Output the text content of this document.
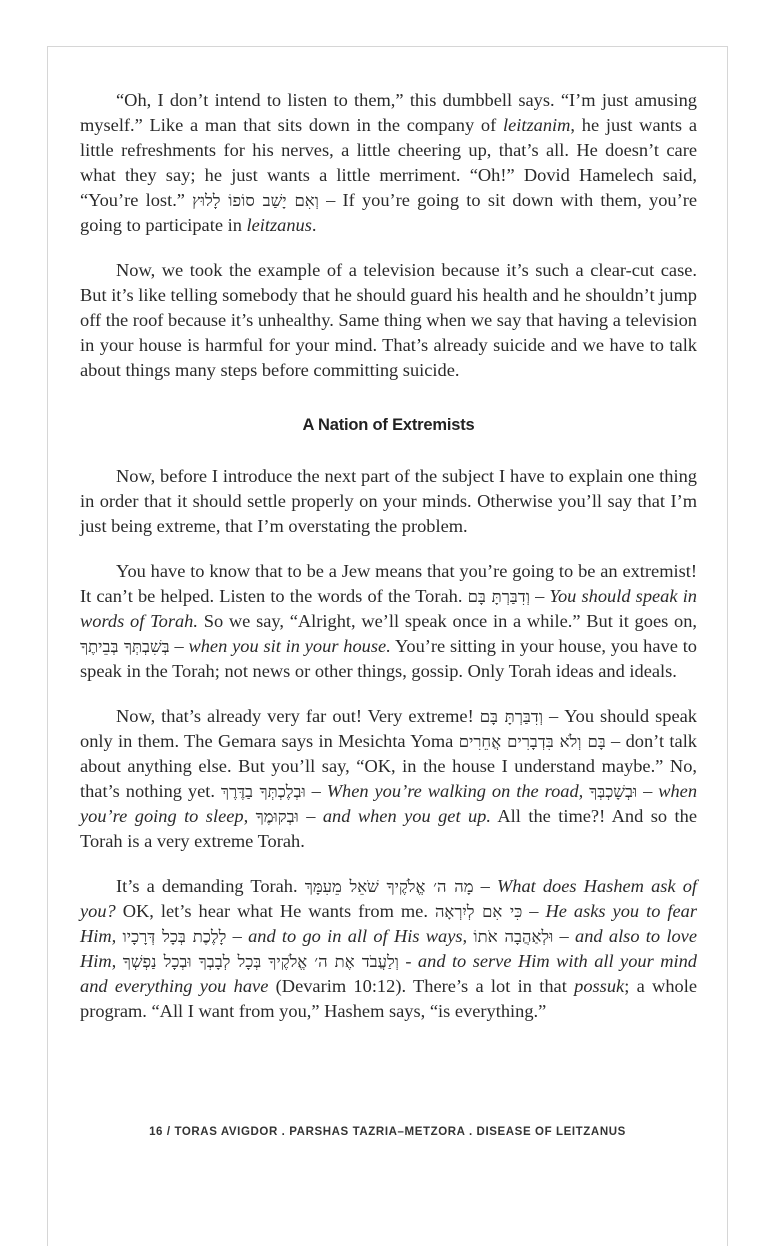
“Oh, I don’t intend to listen to them,” this dumbbell says. “I’m just amusing myself.” Like a man that sits down in the company of leitzanim, he just wants a little refreshments for his nerves, a little cheering up, that’s all. He doesn’t care what they say; he just wants a little merriment. “Oh!” Dovid Hamelech said, “You’re lost.” וְאִם יָשַׁב סוֹפוֹ לָלוּץ – If you’re going to sit down with them, you’re going to participate in leitzanus.

Now, we took the example of a television because it’s such a clear-cut case. But it’s like telling somebody that he should guard his health and he shouldn’t jump off the roof because it’s unhealthy. Same thing when we say that having a television in your house is harmful for your mind. That’s already suicide and we have to talk about things many steps before committing suicide.

A Nation of Extremists

Now, before I introduce the next part of the subject I have to explain one thing in order that it should settle properly on your minds. Otherwise you’ll say that I’m just being extreme, that I’m overstating the problem.

You have to know that to be a Jew means that you’re going to be an extremist! It can’t be helped. Listen to the words of the Torah. וְדִבַּרְתָּ בָּם – You should speak in words of Torah. So we say, “Alright, we’ll speak once in a while.” But it goes on, בְּשִׁבְתְּךָ בְּבֵיתֶךָ – when you sit in your house. You’re sitting in your house, you have to speak in the Torah; not news or other things, gossip. Only Torah ideas and ideals.

Now, that’s already very far out! Very extreme! וְדִבַּרְתָּ בָּם – You should speak only in them. The Gemara says in Mesichta Yoma בָּם וְלֹא בִּדְבָרִים אֲחֵרִים – don’t talk about anything else. But you’ll say, “OK, in the house I understand maybe.” No, that’s nothing yet. וּבְלֶכְתְּךָ בַדֶּרֶךְ – When you’re walking on the road, וּבְשָׁכְבְּךָ – when you’re going to sleep, וּבְקוּמֶךָ – and when you get up. All the time?! And so the Torah is a very extreme Torah.

It’s a demanding Torah. מָה ה׳ אֱלֹקֶיךָ שֹׁאֵל מֵעִמָּךְ – What does Hashem ask of you? OK, let’s hear what He wants from me. כִּי אִם לְיִרְאָה – He asks you to fear Him, לָלֶכֶת בְּכָל דְּרָכָיו – and to go in all of His ways, וּלְאַהֲבָה אֹתוֹ – and also to love Him, וְלַעֲבֹד אֶת ה׳ אֱלֹקֶיךָ בְּכָל לְבָבְךָ וּבְכָל נַפְשְׁךָ - and to serve Him with all your mind and everything you have (Devarim 10:12). There’s a lot in that possuk; a whole program. “All I want from you,” Hashem says, “is everything.”

16 / TORAS AVIGDOR . PARSHAS TAZRIA–METZORA . DISEASE OF LEITZANUS
